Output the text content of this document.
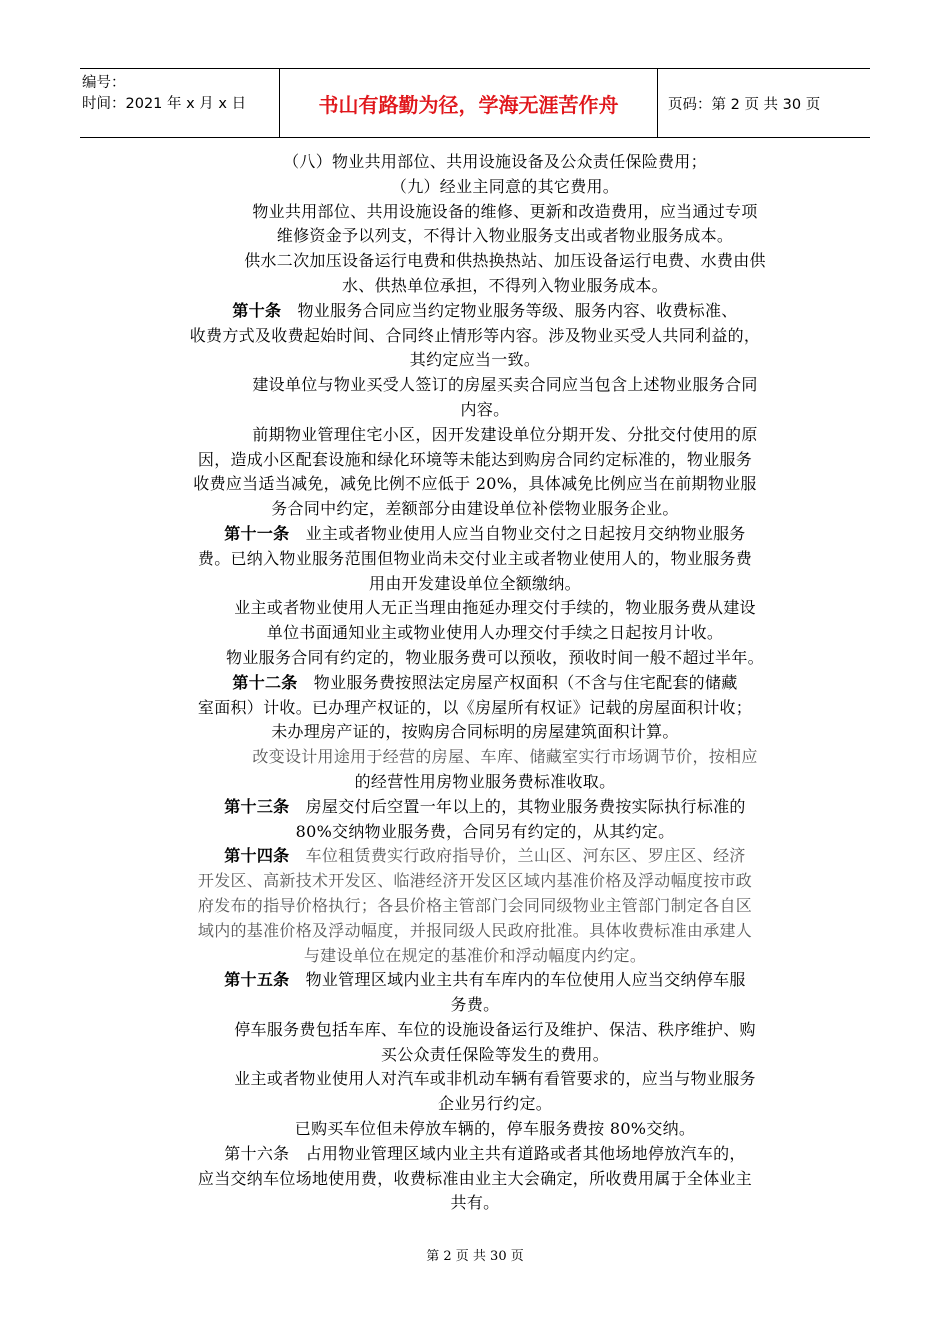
编号：
时间：2021 年 x 月 x 日	书山有路勤为径，学海无涯苦作舟	页码：第 2 页 共 30 页
（八）物业共用部位、共用设施设备及公众责任保险费用；
（九）经业主同意的其它费用。
物业共用部位、共用设施设备的维修、更新和改造费用，应当通过专项
维修资金予以列支，不得计入物业服务支出或者物业服务成本。
供水二次加压设备运行电费和供热换热站、加压设备运行电费、水费由供
水、供热单位承担，不得列入物业服务成本。
第十条 物业服务合同应当约定物业服务等级、服务内容、收费标准、
收费方式及收费起始时间、合同终止情形等内容。涉及物业买受人共同利益的，
其约定应当一致。
建设单位与物业买受人签订的房屋买卖合同应当包含上述物业服务合同
内容。
前期物业管理住宅小区，因开发建设单位分期开发、分批交付使用的原
因，造成小区配套设施和绿化环境等未能达到购房合同约定标准的，物业服务
收费应当适当减免，减免比例不应低于 20%，具体减免比例应当在前期物业服
务合同中约定，差额部分由建设单位补偿物业服务企业。
第十一条 业主或者物业使用人应当自物业交付之日起按月交纳物业服务
费。已纳入物业服务范围但物业尚未交付业主或者物业使用人的，物业服务费
用由开发建设单位全额缴纳。
业主或者物业使用人无正当理由拖延办理交付手续的，物业服务费从建设
单位书面通知业主或物业使用人办理交付手续之日起按月计收。
物业服务合同有约定的，物业服务费可以预收，预收时间一般不超过半年。
第十二条 物业服务费按照法定房屋产权面积（不含与住宅配套的储藏
室面积）计收。已办理产权证的，以《房屋所有权证》记载的房屋面积计收；
未办理房产证的，按购房合同标明的房屋建筑面积计算。
改变设计用途用于经营的房屋、车库、储藏室实行市场调节价，按相应
的经营性用房物业服务费标准收取。
第十三条 房屋交付后空置一年以上的，其物业服务费按实际执行标准的
80%交纳物业服务费，合同另有约定的，从其约定。
第十四条 车位租赁费实行政府指导价，兰山区、河东区、罗庄区、经济
开发区、高新技术开发区、临港经济开发区区域内基准价格及浮动幅度按市政
府发布的指导价格执行；各县价格主管部门会同同级物业主管部门制定各自区
域内的基准价格及浮动幅度，并报同级人民政府批准。具体收费标准由承建人
与建设单位在规定的基准价和浮动幅度内约定。
第十五条 物业管理区域内业主共有车库内的车位使用人应当交纳停车服
务费。
停车服务费包括车库、车位的设施设备运行及维护、保洁、秩序维护、购
买公众责任保险等发生的费用。
业主或者物业使用人对汽车或非机动车辆有看管要求的，应当与物业服务
企业另行约定。
已购买车位但未停放车辆的，停车服务费按 80%交纳。
第十六条 占用物业管理区域内业主共有道路或者其他场地停放汽车的，
应当交纳车位场地使用费，收费标准由业主大会确定，所收费用属于全体业主
共有。
第 2 页 共 30 页
